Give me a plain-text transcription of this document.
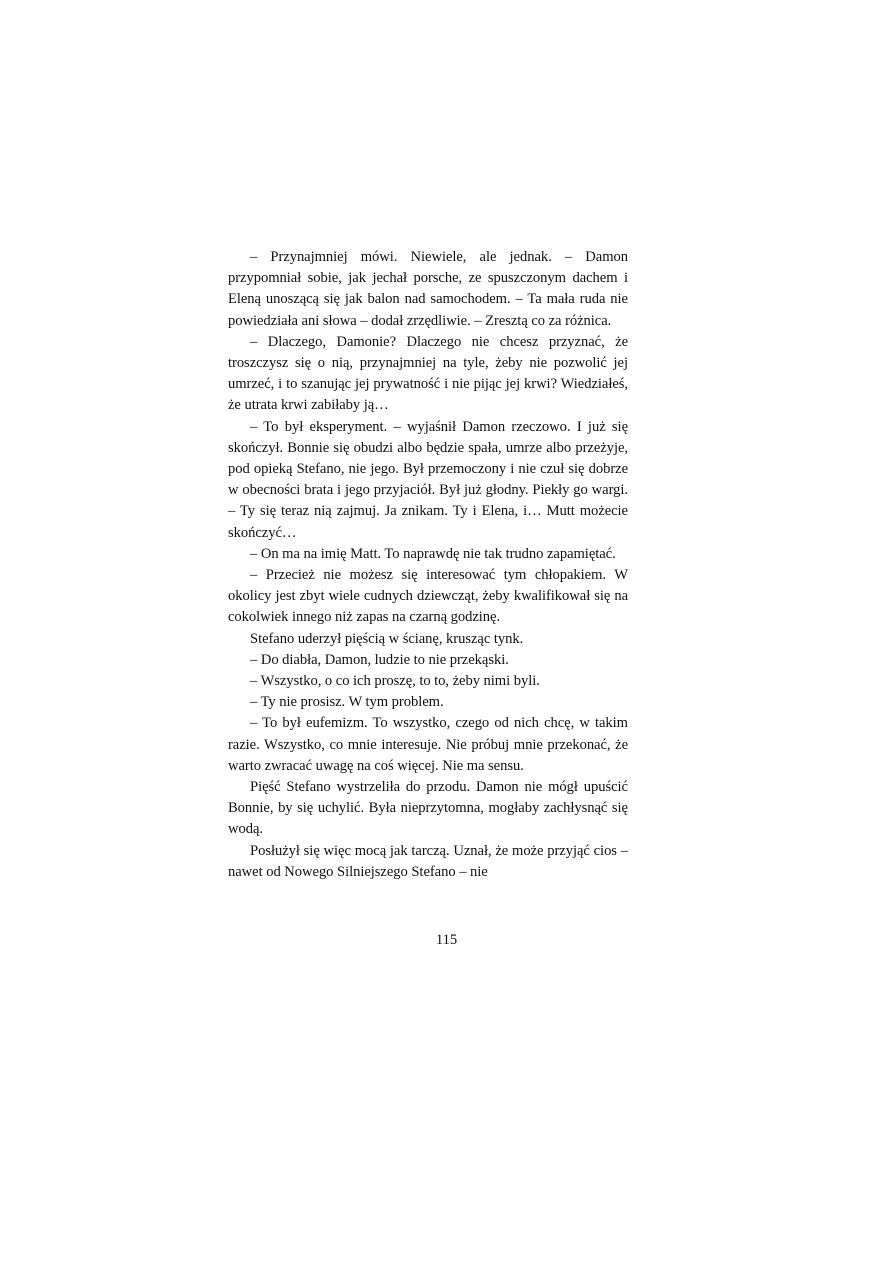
– Przynajmniej mówi. Niewiele, ale jednak. – Damon przypomniał sobie, jak jechał porsche, ze spuszczonym dachem i Eleną unoszącą się jak balon nad samochodem. – Ta mała ruda nie powiedziała ani słowa – dodał zrzędliwie. – Zresztą co za różnica.

– Dlaczego, Damonie? Dlaczego nie chcesz przyznać, że troszczysz się o nią, przynajmniej na tyle, żeby nie pozwolić jej umrzeć, i to szanując jej prywatność i nie pijąc jej krwi? Wiedziałeś, że utrata krwi zabiłaby ją…

– To był eksperyment. – wyjaśnił Damon rzeczowo. I już się skończył. Bonnie się obudzi albo będzie spała, umrze albo przeżyje, pod opieką Stefano, nie jego. Był przemoczony i nie czuł się dobrze w obecności brata i jego przyjaciół. Był już głodny. Piekły go wargi. – Ty się teraz nią zajmuj. Ja znikam. Ty i Elena, i… Mutt możecie skończyć…

– On ma na imię Matt. To naprawdę nie tak trudno zapamiętać.

– Przecież nie możesz się interesować tym chłopakiem. W okolicy jest zbyt wiele cudnych dziewcząt, żeby kwalifikował się na cokolwiek innego niż zapas na czarną godzinę.

Stefano uderzył pięścią w ścianę, krusząc tynk.

– Do diabła, Damon, ludzie to nie przekąski.

– Wszystko, o co ich proszę, to to, żeby nimi byli.

– Ty nie prosisz. W tym problem.

– To był eufemizm. To wszystko, czego od nich chcę, w takim razie. Wszystko, co mnie interesuje. Nie próbuj mnie przekonać, że warto zwracać uwagę na coś więcej. Nie ma sensu.

Pięść Stefano wystrzeliła do przodu. Damon nie mógł upuścić Bonnie, by się uchylić. Była nieprzytomna, mogłaby zachłysnąć się wodą.

Posłużył się więc mocą jak tarczą. Uznał, że może przyjąć cios – nawet od Nowego Silniejszego Stefano – nie

115
